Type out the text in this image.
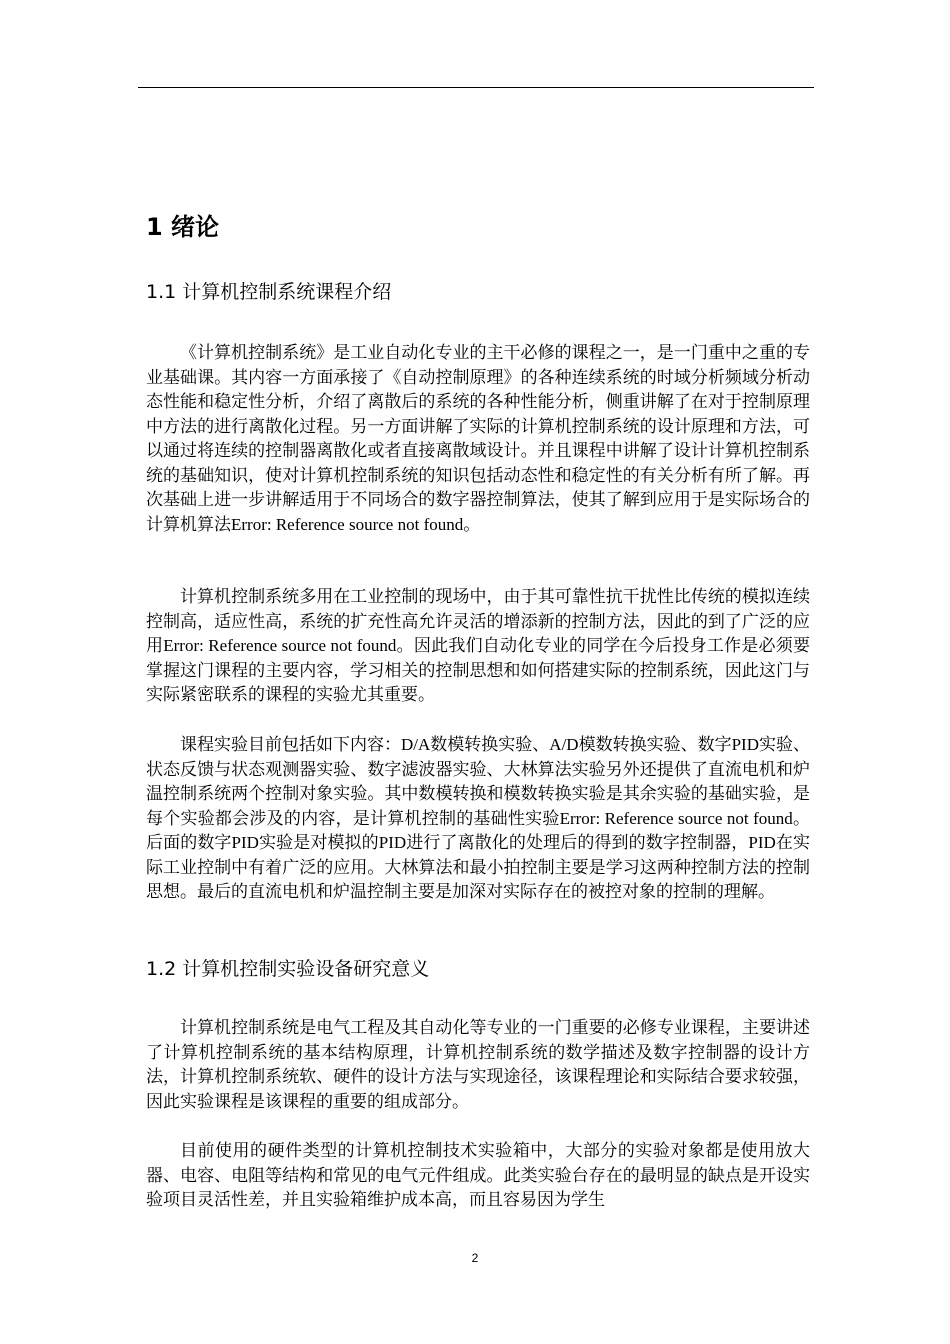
1 绪论
1.1 计算机控制系统课程介绍

《计算机控制系统》是工业自动化专业的主干必修的课程之一，是一门重中之重的专业基础课。其内容一方面承接了《自动控制原理》的各种连续系统的时域分析频域分析动态性能和稳定性分析，介绍了离散后的系统的各种性能分析，侧重讲解了在对于控制原理中方法的进行离散化过程。另一方面讲解了实际的计算机控制系统的设计原理和方法，可以通过将连续的控制器离散化或者直接离散域设计。并且课程中讲解了设计计算机控制系统的基础知识，使对计算机控制系统的知识包括动态性和稳定性的有关分析有所了解。再次基础上进一步讲解适用于不同场合的数字器控制算法，使其了解到应用于是实际场合的计算机算法Error: Reference source not found。

计算机控制系统多用在工业控制的现场中，由于其可靠性抗干扰性比传统的模拟连续控制高，适应性高，系统的扩充性高允许灵活的增添新的控制方法，因此的到了广泛的应用Error: Reference source not found。因此我们自动化专业的同学在今后投身工作是必须要掌握这门课程的主要内容，学习相关的控制思想和如何搭建实际的控制系统，因此这门与实际紧密联系的课程的实验尤其重要。

课程实验目前包括如下内容：D/A数模转换实验、A/D模数转换实验、数字PID实验、状态反馈与状态观测器实验、数字滤波器实验、大林算法实验另外还提供了直流电机和炉温控制系统两个控制对象实验。其中数模转换和模数转换实验是其余实验的基础实验，是每个实验都会涉及的内容，是计算机控制的基础性实验Error: Reference source not found。后面的数字PID实验是对模拟的PID进行了离散化的处理后的得到的数字控制器，PID在实际工业控制中有着广泛的应用。大林算法和最小拍控制主要是学习这两种控制方法的控制思想。最后的直流电机和炉温控制主要是加深对实际存在的被控对象的控制的理解。

1.2 计算机控制实验设备研究意义

计算机控制系统是电气工程及其自动化等专业的一门重要的必修专业课程，主要讲述了计算机控制系统的基本结构原理，计算机控制系统的数学描述及数字控制器的设计方法，计算机控制系统软、硬件的设计方法与实现途径，该课程理论和实际结合要求较强，因此实验课程是该课程的重要的组成部分。

目前使用的硬件类型的计算机控制技术实验箱中，大部分的实验对象都是使用放大器、电容、电阻等结构和常见的电气元件组成。此类实验台存在的最明显的缺点是开设实验项目灵活性差，并且实验箱维护成本高，而且容易因为学生

2
